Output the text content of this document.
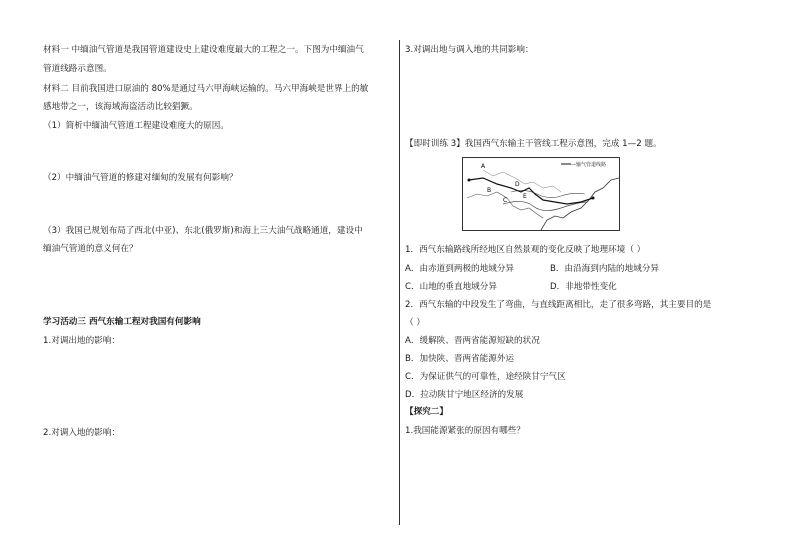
材料一 中缅油气管道是我国管道建设史上建设难度最大的工程之一。下图为中缅油气
管道线路示意图。
材料二 目前我国进口原油的 80%是通过马六甲海峡运输的。马六甲海峡是世界上的敏
感地带之一，该海域海盗活动比较猖獗。
（1）简析中缅油气管道工程建设难度大的原因。
（2）中缅油气管道的修建对缅甸的发展有何影响？
（3）我国已规划布局了西北(中亚)、东北(俄罗斯)和海上三大油气战略通道，建设中
缅油气管道的意义何在？
学习活动三 西气东输工程对我国有何影响
1.对调出地的影响：
2.对调入地的影响：
3.对调出地与调入地的共同影响：
【即时训练 3】我国西气东输主干管线工程示意图，完成 1—2 题。
—输气管道线路
A
B
C
D
E
1．西气东输路线所经地区自然景观的变化反映了地理环境（ ）
A．由赤道到两极的地域分异	B．由沿海到内陆的地域分异
C．山地的垂直地域分异	D．非地带性变化
2．西气东输的中段发生了弯曲，与直线距离相比，走了很多弯路，其主要目的是
（ ）
A．缓解陕、晋两省能源短缺的状况
B．加快陕、晋两省能源外运
C．为保证供气的可靠性，途经陕甘宁气区
D．拉动陕甘宁地区经济的发展
【探究二】
1.我国能源紧张的原因有哪些？
